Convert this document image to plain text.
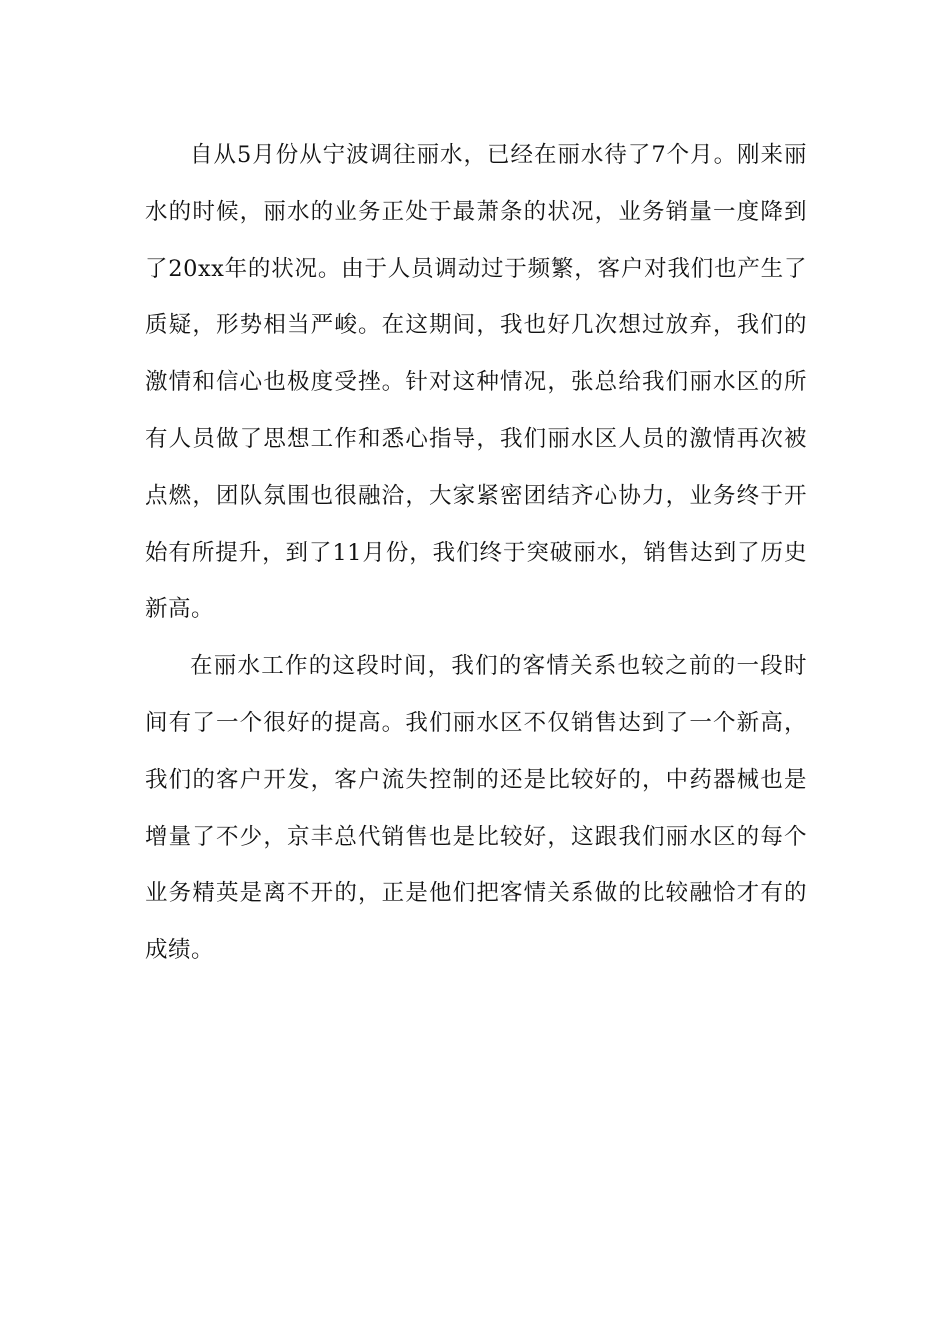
自从5月份从宁波调往丽水，已经在丽水待了7个月。刚来丽水的时候，丽水的业务正处于最萧条的状况，业务销量一度降到了20xx年的状况。由于人员调动过于频繁，客户对我们也产生了质疑，形势相当严峻。在这期间，我也好几次想过放弃，我们的激情和信心也极度受挫。针对这种情况，张总给我们丽水区的所有人员做了思想工作和悉心指导，我们丽水区人员的激情再次被点燃，团队氛围也很融洽，大家紧密团结齐心协力，业务终于开始有所提升，到了11月份，我们终于突破丽水，销售达到了历史新高。

在丽水工作的这段时间，我们的客情关系也较之前的一段时间有了一个很好的提高。我们丽水区不仅销售达到了一个新高，我们的客户开发，客户流失控制的还是比较好的，中药器械也是增量了不少，京丰总代销售也是比较好，这跟我们丽水区的每个业务精英是离不开的，正是他们把客情关系做的比较融恰才有的成绩。
